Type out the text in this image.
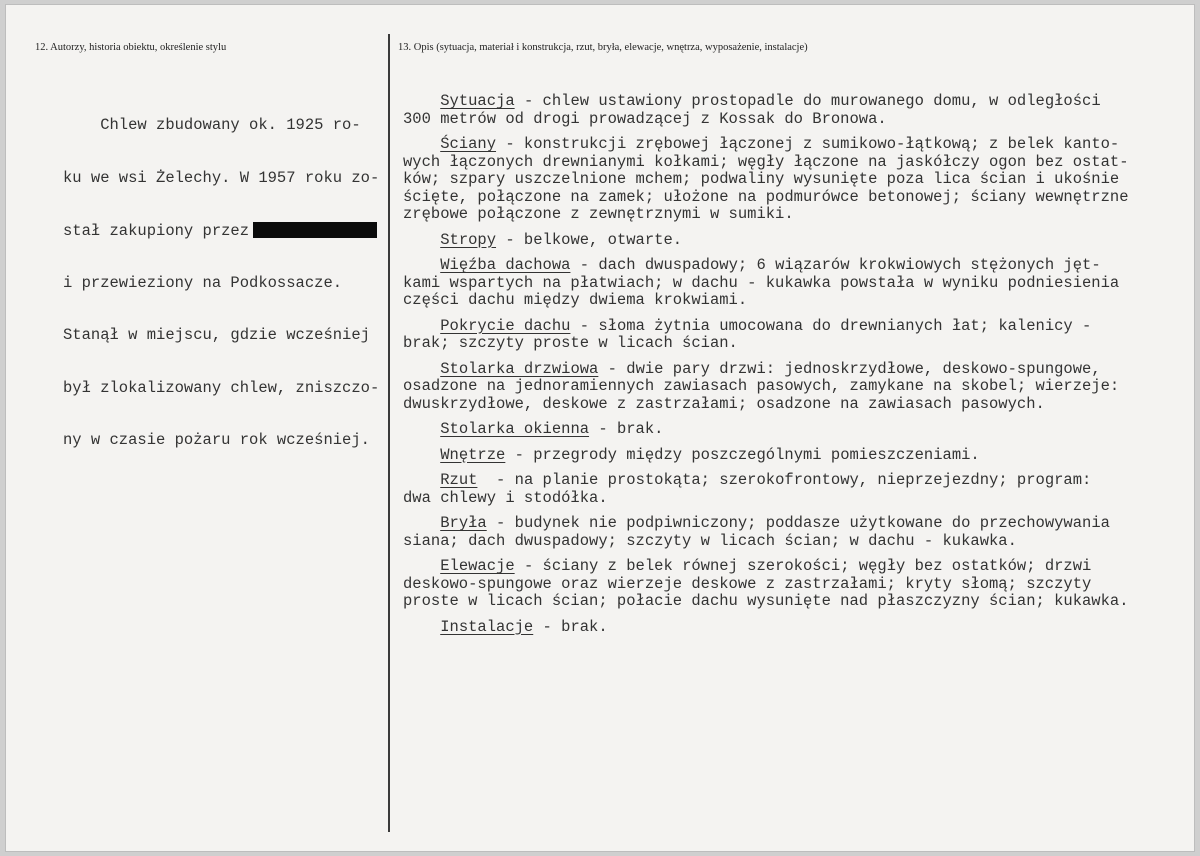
12. Autorzy, historia obiektu, określenie stylu	13. Opis (sytuacja, materiał i konstrukcja, rzut, bryła, elewacje, wnętrza, wyposażenie, instalacje)

Chlew zbudowany ok. 1925 ro-

ku we wsi Żelechy. W 1957 roku zo-

stał zakupiony przez

i przewieziony na Podkossacze.

Stanął w miejscu, gdzie wcześniej

był zlokalizowany chlew, zniszczo-

ny w czasie pożaru rok wcześniej.

Sytuacja - chlew ustawiony prostopadle do murowanego domu, w odległości
300 metrów od drogi prowadzącej z Kossak do Bronowa.
Ściany - konstrukcji zrębowej łączonej z sumikowo-łątkową; z belek kanto-
wych łączonych drewnianymi kołkami; węgły łączone na jaskółczy ogon bez ostat-
ków; szpary uszczelnione mchem; podwaliny wysunięte poza lica ścian i ukośnie
ścięte, połączone na zamek; ułożone na podmurówce betonowej; ściany wewnętrzne
zrębowe połączone z zewnętrznymi w sumiki.
Stropy - belkowe, otwarte.
Więźba dachowa - dach dwuspadowy; 6 wiązarów krokwiowych stężonych jęt-
kami wspartych na płatwiach; w dachu - kukawka powstała w wyniku podniesienia
części dachu między dwiema krokwiami.
Pokrycie dachu - słoma żytnia umocowana do drewnianych łat; kalenicy -
brak; szczyty proste w licach ścian.
Stolarka drzwiowa - dwie pary drzwi: jednoskrzydłowe, deskowo-spungowe,
osadzone na jednoramiennych zawiasach pasowych, zamykane na skobel; wierzeje:
dwuskrzydłowe, deskowe z zastrzałami; osadzone na zawiasach pasowych.
Stolarka okienna - brak.
Wnętrze - przegrody między poszczególnymi pomieszczeniami.
Rzut  - na planie prostokąta; szerokofrontowy, nieprzejezdny; program:
dwa chlewy i stodółka.
Bryła - budynek nie podpiwniczony; poddasze użytkowane do przechowywania
siana; dach dwuspadowy; szczyty w licach ścian; w dachu - kukawka.
Elewacje - ściany z belek równej szerokości; węgły bez ostatków; drzwi
deskowo-spungowe oraz wierzeje deskowe z zastrzałami; kryty słomą; szczyty
proste w licach ścian; połacie dachu wysunięte nad płaszczyzny ścian; kukawka.
Instalacje - brak.
